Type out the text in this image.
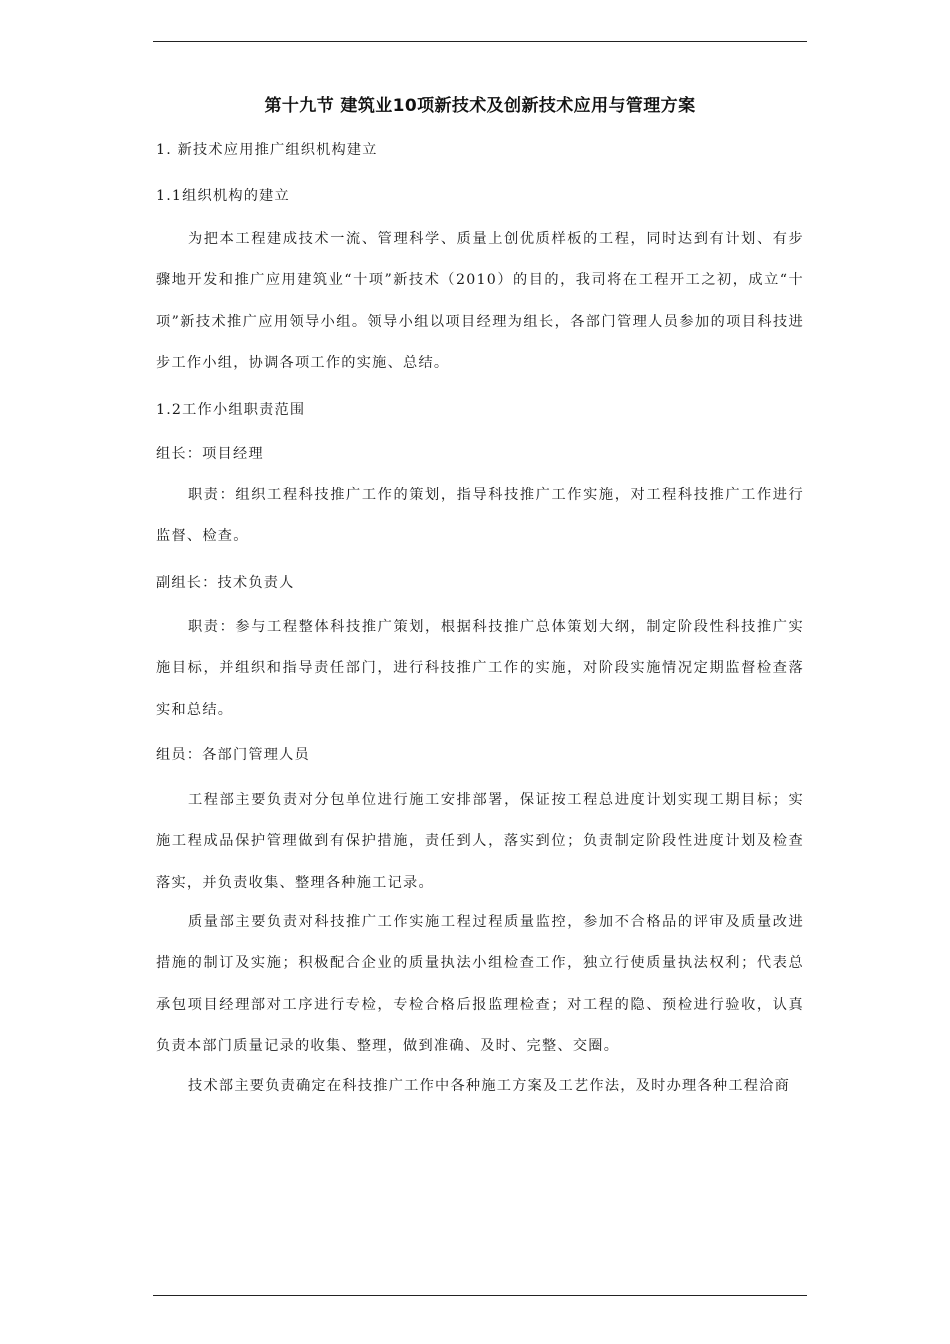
第十九节 建筑业10项新技术及创新技术应用与管理方案
1. 新技术应用推广组织机构建立
1.1组织机构的建立
为把本工程建成技术一流、管理科学、质量上创优质样板的工程，同时达到有计划、有步骤地开发和推广应用建筑业“十项”新技术（2010）的目的，我司将在工程开工之初，成立“十项”新技术推广应用领导小组。领导小组以项目经理为组长，各部门管理人员参加的项目科技进步工作小组，协调各项工作的实施、总结。
1.2工作小组职责范围
组长：项目经理
职责：组织工程科技推广工作的策划，指导科技推广工作实施，对工程科技推广工作进行监督、检查。
副组长：技术负责人
职责：参与工程整体科技推广策划，根据科技推广总体策划大纲，制定阶段性科技推广实施目标，并组织和指导责任部门，进行科技推广工作的实施，对阶段实施情况定期监督检查落实和总结。
组员：各部门管理人员
工程部主要负责对分包单位进行施工安排部署，保证按工程总进度计划实现工期目标；实施工程成品保护管理做到有保护措施，责任到人，落实到位；负责制定阶段性进度计划及检查落实，并负责收集、整理各种施工记录。
质量部主要负责对科技推广工作实施工程过程质量监控，参加不合格品的评审及质量改进措施的制订及实施；积极配合企业的质量执法小组检查工作，独立行使质量执法权利；代表总承包项目经理部对工序进行专检，专检合格后报监理检查；对工程的隐、预检进行验收，认真负责本部门质量记录的收集、整理，做到准确、及时、完整、交圈。
技术部主要负责确定在科技推广工作中各种施工方案及工艺作法，及时办理各种工程洽商
